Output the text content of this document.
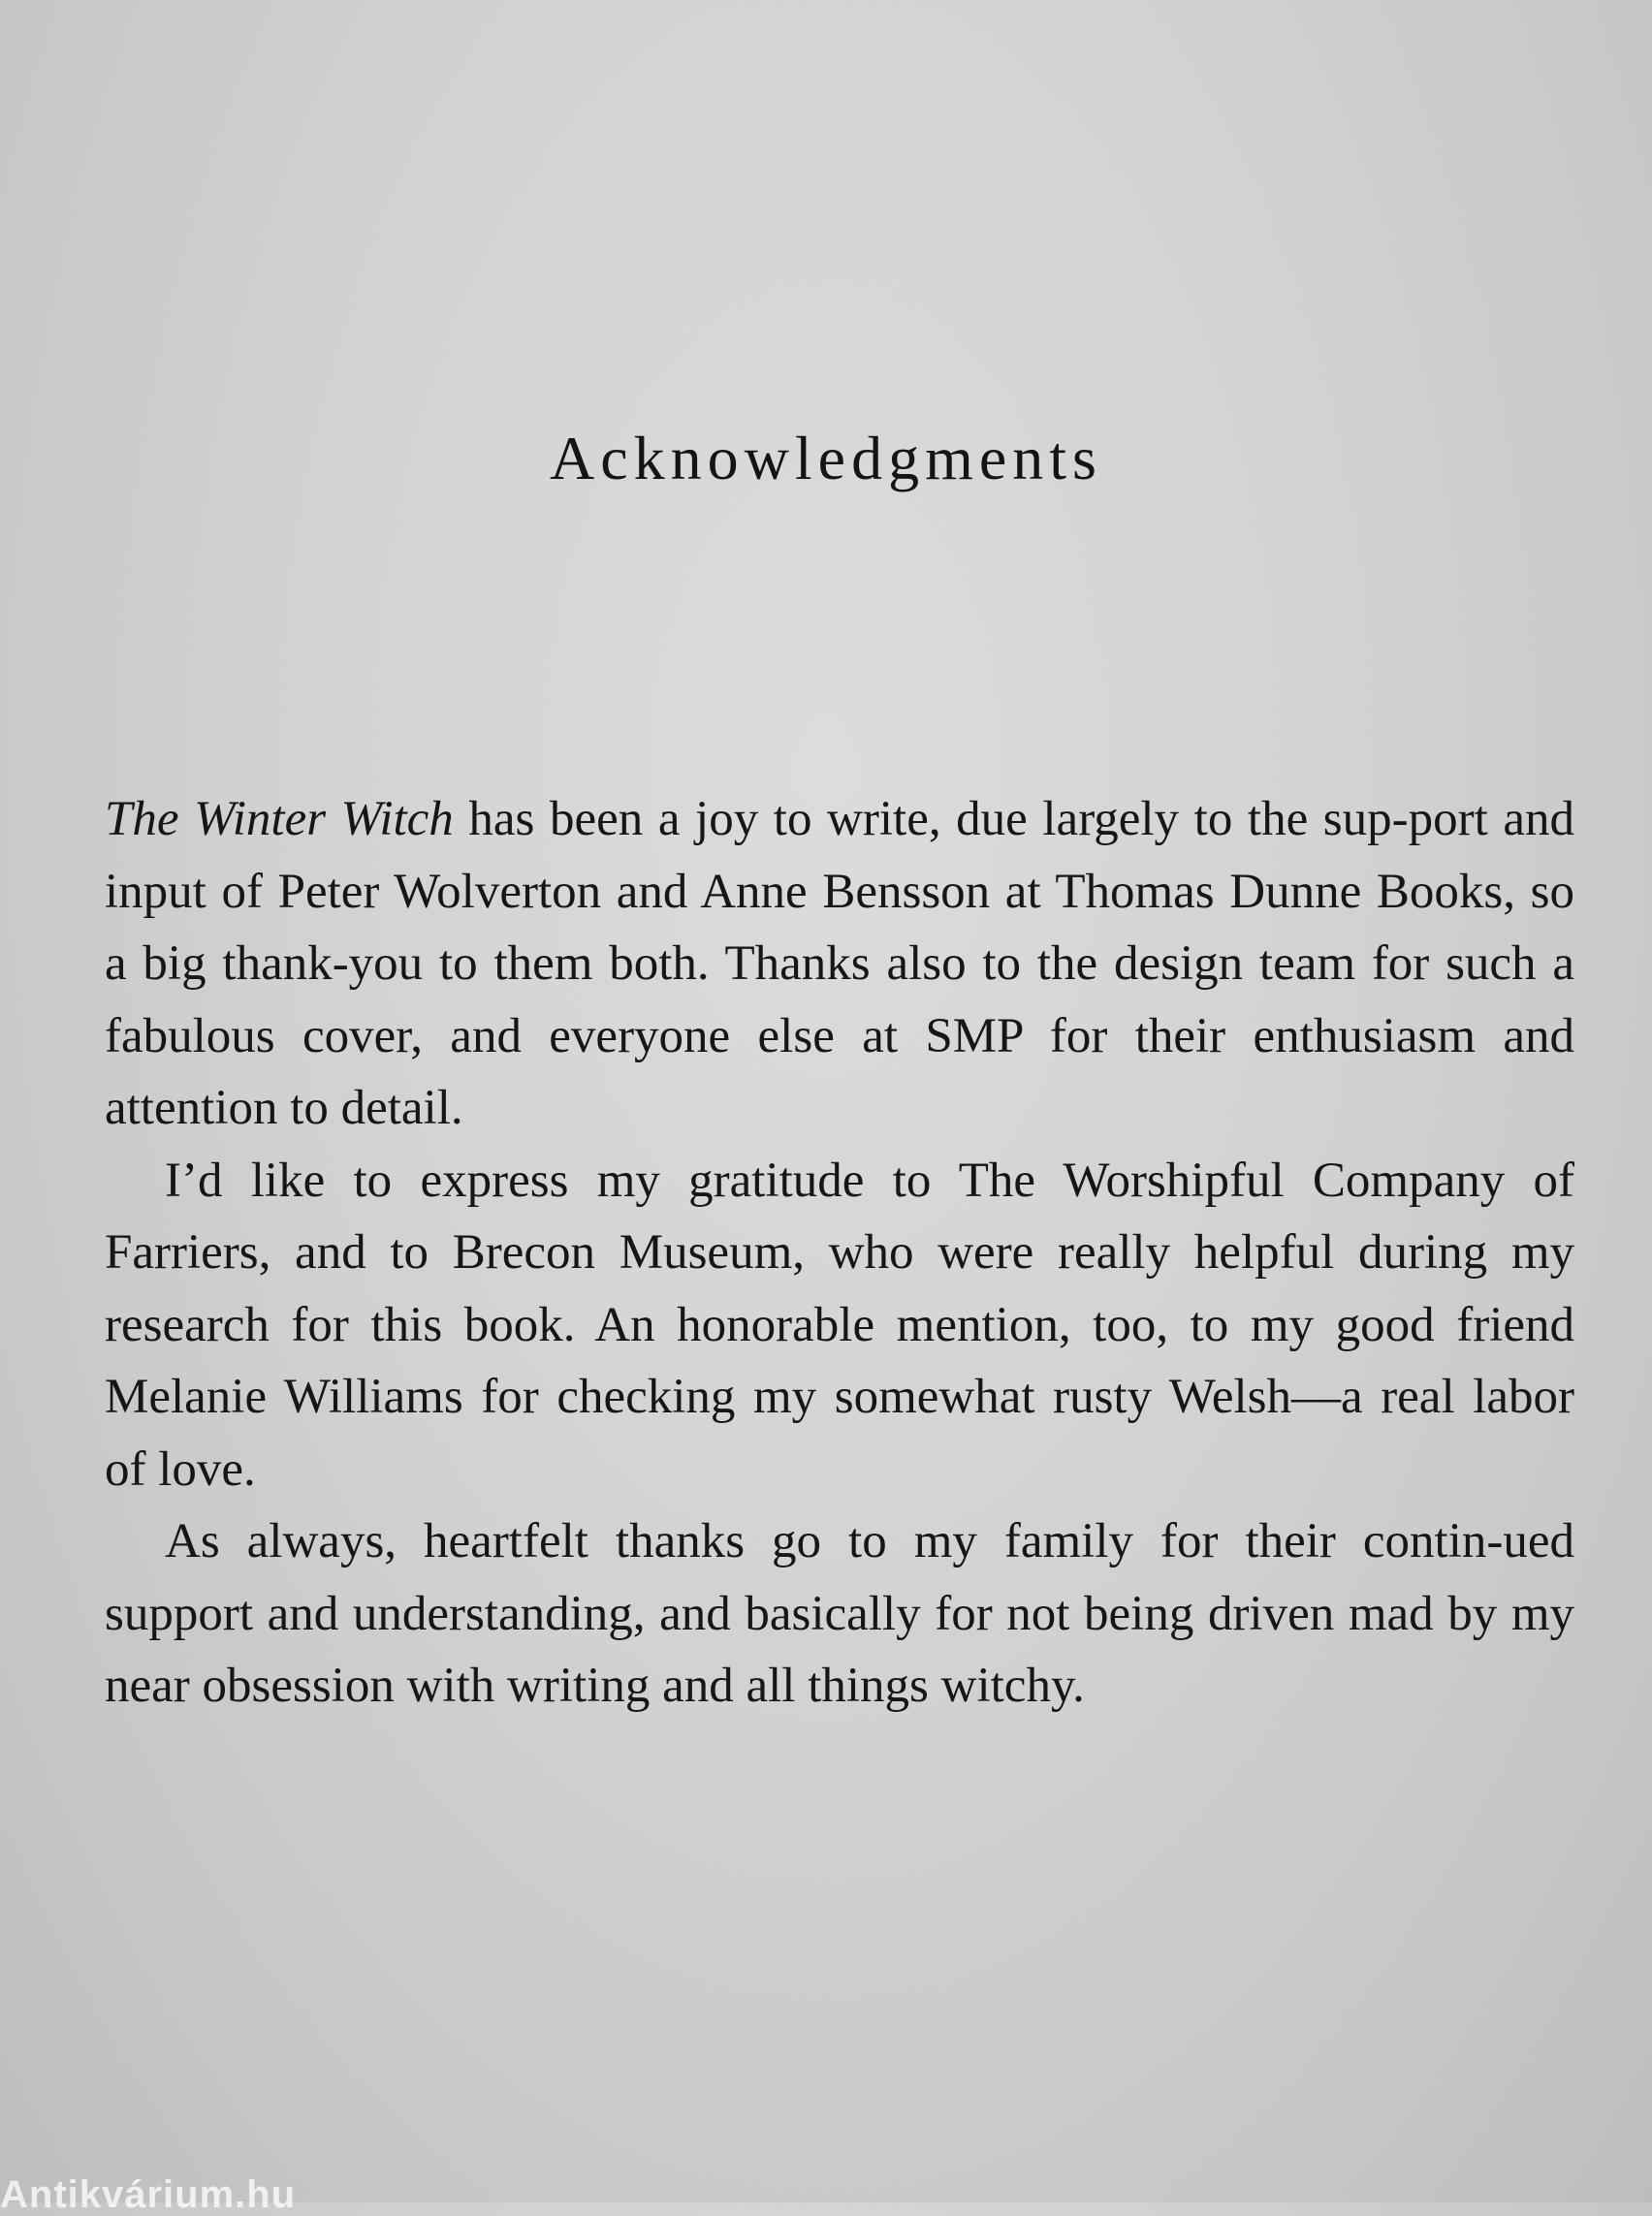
Acknowledgments

The Winter Witch has been a joy to write, due largely to the sup-port and input of Peter Wolverton and Anne Bensson at Thomas Dunne Books, so a big thank-you to them both. Thanks also to the design team for such a fabulous cover, and everyone else at SMP for their enthusiasm and attention to detail.

I’d like to express my gratitude to The Worshipful Company of Farriers, and to Brecon Museum, who were really helpful during my research for this book. An honorable mention, too, to my good friend Melanie Williams for checking my somewhat rusty Welsh—a real labor of love.

As always, heartfelt thanks go to my family for their contin-ued support and understanding, and basically for not being driven mad by my near obsession with writing and all things witchy.

Antikvárium.hu
